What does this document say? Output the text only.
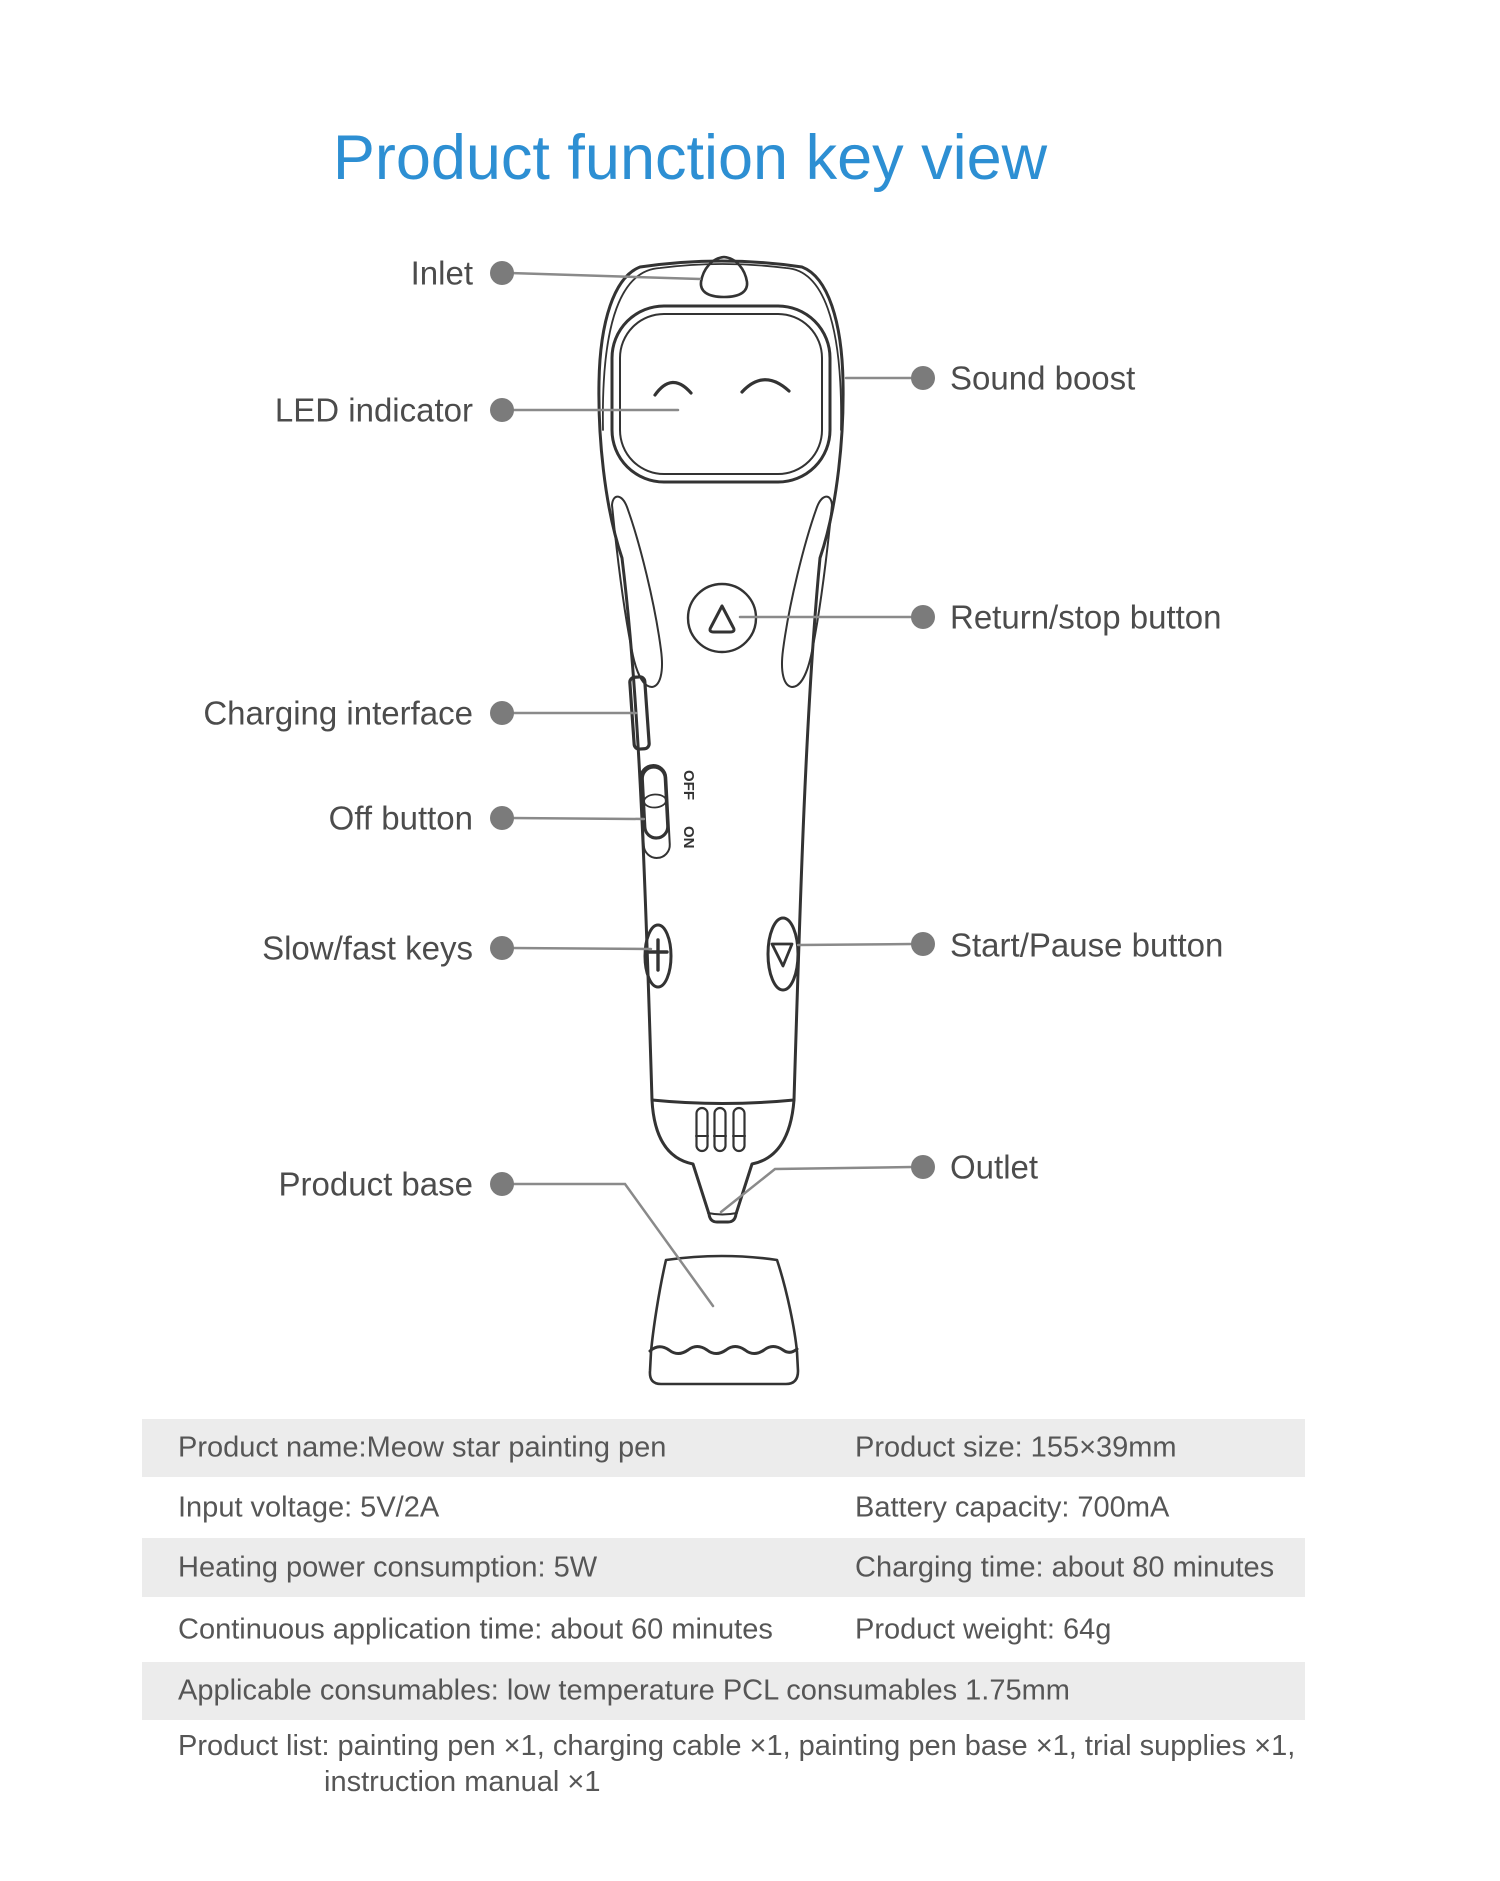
Product function key view
OFF
ON
Inlet
LED indicator
Charging interface
Off button
Slow/fast keys
Product base
Sound boost
Return/stop button
Start/Pause button
Outlet
Product name:Meow star painting pen	Product size: 155×39mm
Input voltage: 5V/2A	Battery capacity: 700mA
Heating power consumption: 5W	Charging time: about 80 minutes
Continuous application time: about 60 minutes	Product weight: 64g
Applicable consumables: low temperature PCL consumables 1.75mm
Product list: painting pen ×1, charging cable ×1, painting pen base ×1, trial supplies ×1,
instruction manual ×1
